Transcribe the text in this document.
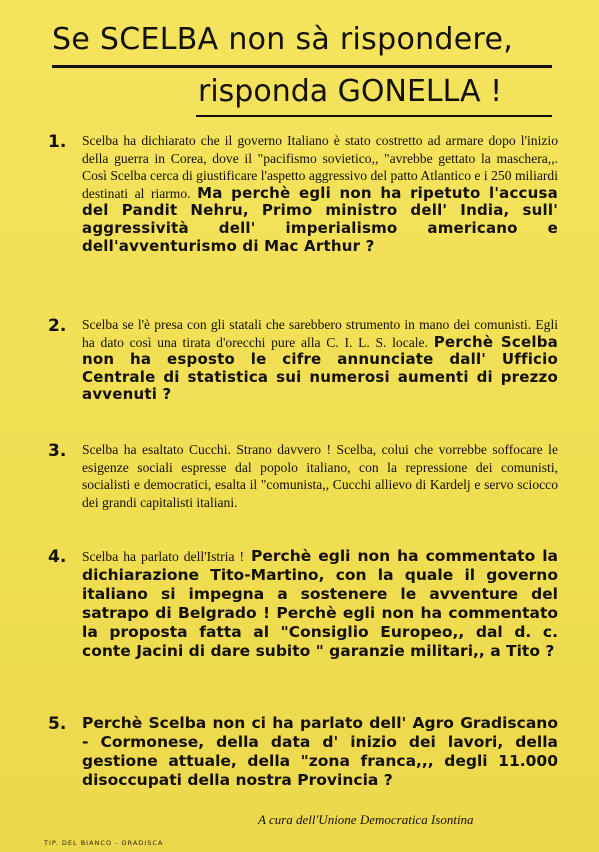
Se SCELBA non sà rispondere,
risponda GONELLA !
1. Scelba ha dichiarato che il governo Italiano è stato costretto ad armare dopo l'inizio della guerra in Corea, dove il "pacifismo sovietico,, "avrebbe gettato la maschera,,. Così Scelba cerca di giustificare l'aspetto aggressivo del patto Atlantico e i 250 miliardi destinati al riarmo. Ma perchè egli non ha ripetuto l'accusa del Pandit Nehru, Primo ministro dell' India, sull' aggressività dell' imperialismo americano e dell'avventurismo di Mac Arthur ?
2. Scelba se l'è presa con gli statali che sarebbero strumento in mano dei comunisti. Egli ha dato così una tirata d'orecchi pure alla C. I. L. S. locale. Perchè Scelba non ha esposto le cifre annunciate dall' Ufficio Centrale di statistica sui numerosi aumenti di prezzo avvenuti ?
3. Scelba ha esaltato Cucchi. Strano davvero ! Scelba, colui che vorrebbe soffocare le esigenze sociali espresse dal popolo italiano, con la repressione dei comunisti, socialisti e democratici, esalta il "comunista,, Cucchi allievo di Kardelj e servo sciocco dei grandi capitalisti italiani.
4. Scelba ha parlato dell'Istria ! Perchè egli non ha commentato la dichiarazione Tito-Martino, con la quale il governo italiano si impegna a sostenere le avventure del satrapo di Belgrado ! Perchè egli non ha commentato la proposta fatta al "Consiglio Europeo,, dal d. c. conte Jacini di dare subito " garanzie militari,, a Tito ?
5. Perchè Scelba non ci ha parlato dell' Agro Gradiscano - Cormonese, della data d' inizio dei lavori, della gestione attuale, della "zona franca,,, degli 11.000 disoccupati della nostra Provincia ?
A cura dell'Unione Democratica Isontina
TIP. DEL BIANCO - GRADISCA
